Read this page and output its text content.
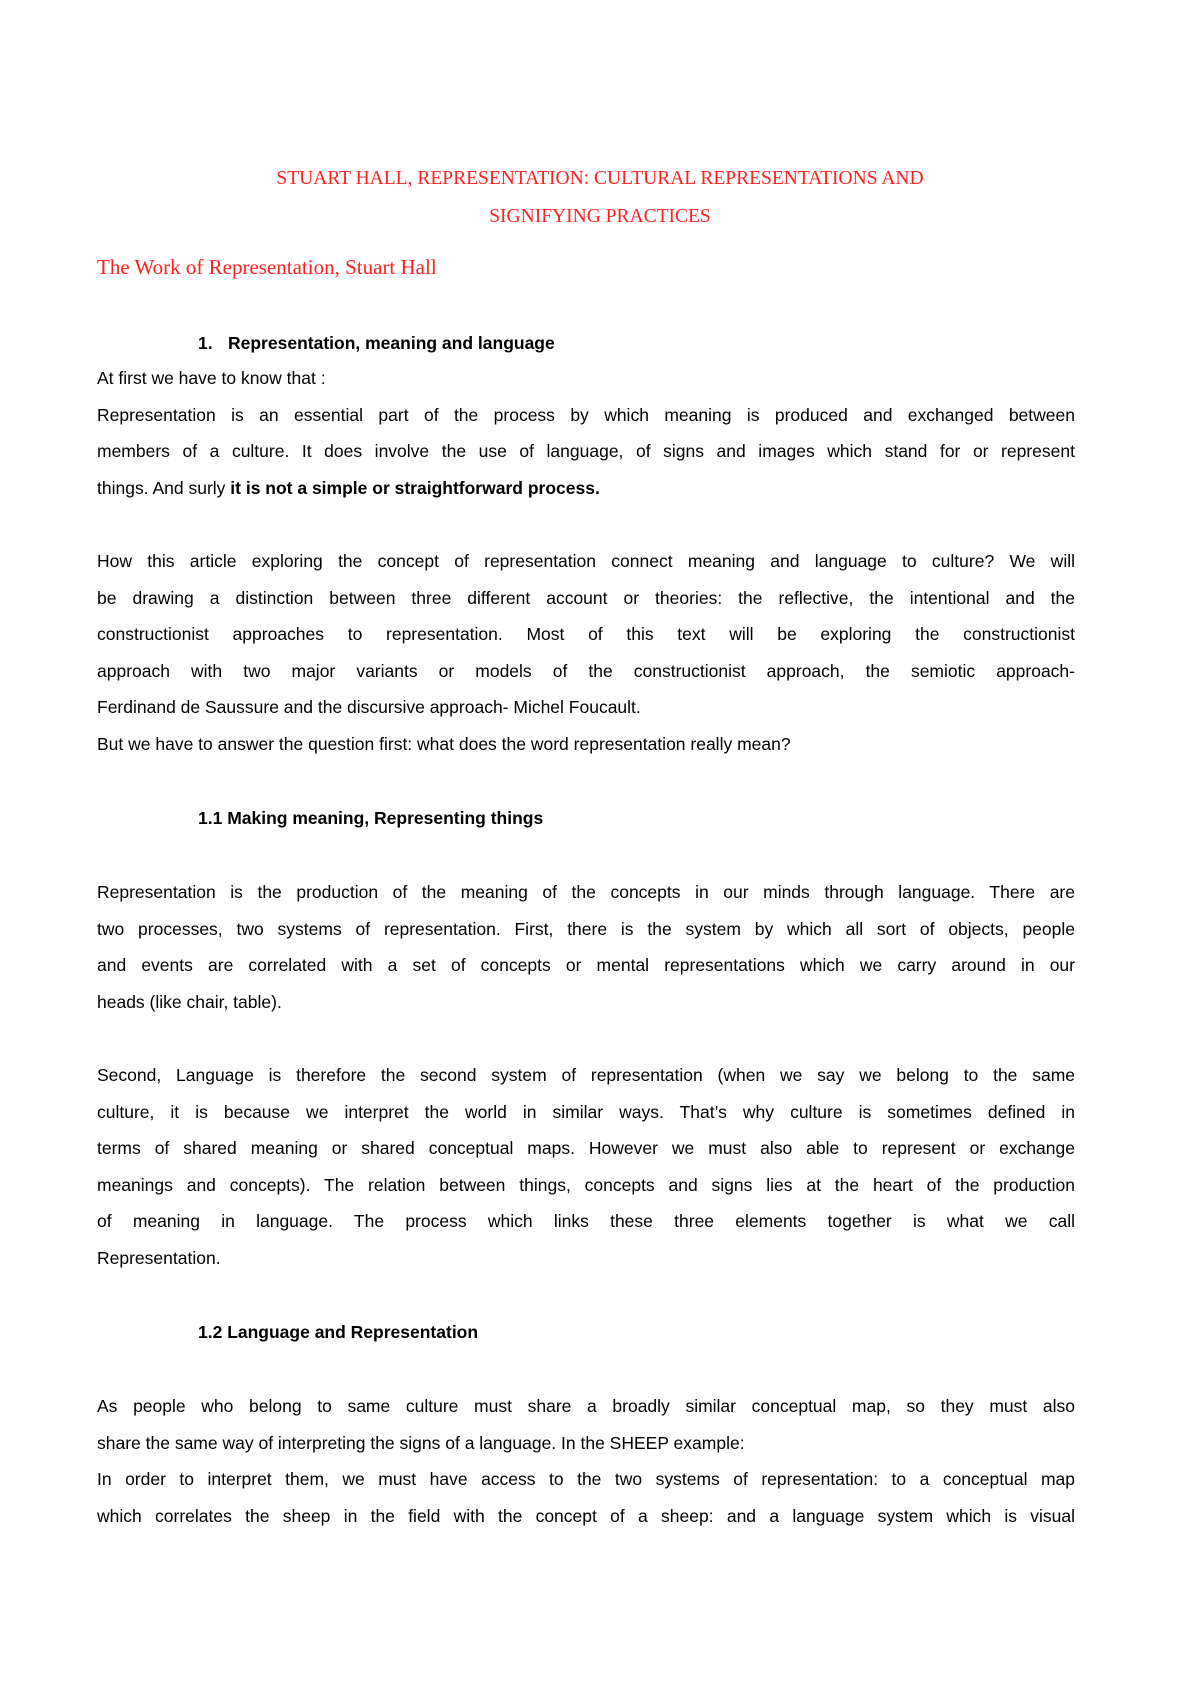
STUART HALL, REPRESENTATION: CULTURAL REPRESENTATIONS AND
SIGNIFYING PRACTICES
The Work of Representation, Stuart Hall
1. Representation, meaning and language
At first we have to know that :
Representation is an essential part of the process by which meaning is produced and exchanged between
members of a culture. It does involve the use of language, of signs and images which stand for or represent
things. And surly it is not a simple or straightforward process.
How this article exploring the concept of representation connect meaning and language to culture? We will
be drawing a distinction between three different account or theories: the reflective, the intentional and the
constructionist approaches to representation. Most of this text will be exploring the constructionist
approach with two major variants or models of the constructionist approach, the semiotic approach-
Ferdinand de Saussure and the discursive approach- Michel Foucault.
But we have to answer the question first: what does the word representation really mean?
1.1 Making meaning, Representing things
Representation is the production of the meaning of the concepts in our minds through language. There are
two processes, two systems of representation. First, there is the system by which all sort of objects, people
and events are correlated with a set of concepts or mental representations which we carry around in our
heads (like chair, table).
Second, Language is therefore the second system of representation (when we say we belong to the same
culture, it is because we interpret the world in similar ways. That’s why culture is sometimes defined in
terms of shared meaning or shared conceptual maps. However we must also able to represent or exchange
meanings and concepts). The relation between things, concepts and signs lies at the heart of the production
of meaning in language. The process which links these three elements together is what we call
Representation.
1.2 Language and Representation
As people who belong to same culture must share a broadly similar conceptual map, so they must also
share the same way of interpreting the signs of a language. In the SHEEP example:
In order to interpret them, we must have access to the two systems of representation: to a conceptual map
which correlates the sheep in the field with the concept of a sheep: and a language system which is visual
